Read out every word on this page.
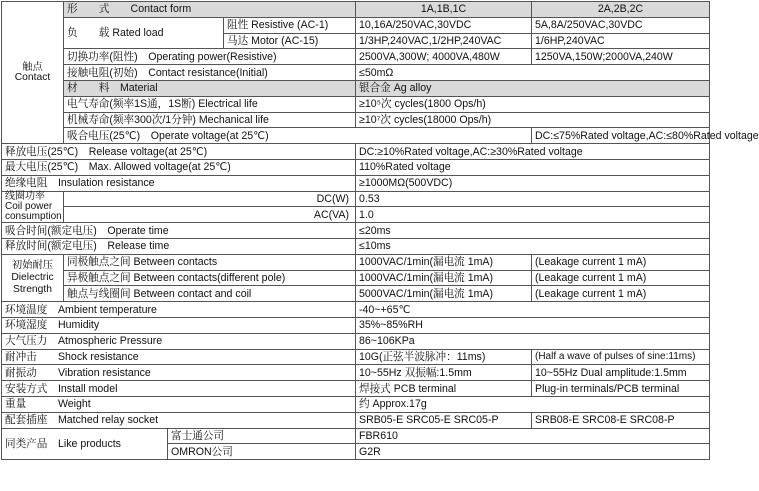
触点
Contact	形　　式　　Contact form			1A,1B,1C	2A,2B,2C
	负　　载 Rated load		阻性 Resistive (AC-1)	10,16A/250VAC,30VDC	5A,8A/250VAC,30VDC
			马达 Motor (AC-15)	1/3HP,240VAC,1/2HP,240VAC	1/6HP,240VAC
	切换功率(阻性)　Operating power(Resistive)			2500VA,300W; 4000VA,480W	1250VA,150W;2000VA,240W
	接触电阻(初始)　Contact resistance(Initial)			≤50mΩ	
	材　　料　Material			银合金 Ag alloy	
	电气寿命(频率1S通，1S断) Electrical life			≥10⁵次 cycles(1800 Ops/h)	
	机械寿命(频率300次/1分钟) Mechanical life			≥10⁷次 cycles(18000 Ops/h)	
	吸合电压(25℃)　Operate voltage(at 25℃)				DC:≤75%Rated voltage,AC:≤80%Rated voltage
释放电压(25℃)　Release voltage(at 25℃)				DC:≥10%Rated voltage,AC:≥30%Rated voltage	
最大电压(25℃)　Max. Allowed voltage(at 25℃)				110%Rated voltage	
绝缘电阻　Insulation resistance				≥1000MΩ(500VDC)	
线圈功率
Coil power
consumption	DC(W)			0.53	
	AC(VA)			1.0	
吸合时间(额定电压)　Operate time				≤20ms	
释放时间(额定电压)　Release time				≤10ms	
初始耐压
Dielectric
Strength	同极触点之间 Between contacts			1000VAC/1min(漏电流 1mA)	(Leakage current 1 mA)
	异极触点之间 Between contacts(different pole)			1000VAC/1min(漏电流 1mA)	(Leakage current 1 mA)
	触点与线圈间 Between contact and coil			5000VAC/1min(漏电流 1mA)	(Leakage current 1 mA)
环境温度　Ambient temperature				-40~+65℃	
环境湿度　Humidity				35%~85%RH	
大气压力　Atmospheric Pressure				86~106KPa	
耐冲击　　Shock resistance				10G(正弦半波脉冲：11ms)	(Half a wave of pulses of sine:11ms)
耐振动　　Vibration resistance				10~55Hz 双振幅:1.5mm	10~55Hz Dual amplitude:1.5mm
安装方式　Install model				焊接式 PCB terminal	Plug-in terminals/PCB terminal
重量　　　Weight				约 Approx.17g	
配套插座　Matched relay socket				SRB05-E SRC05-E SRC05-P	SRB08-E SRC08-E SRC08-P
同类产品　Like products		富士通公司		FBR610	
		OMRON公司		G2R	
